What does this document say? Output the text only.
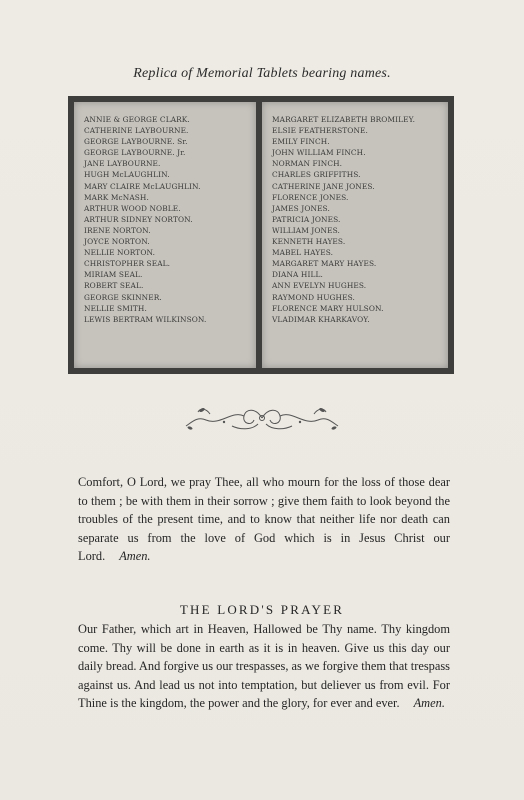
Replica of Memorial Tablets bearing names.
ANNIE & GEORGE CLARK.
CATHERINE LAYBOURNE.
GEORGE LAYBOURNE. Sr.
GEORGE LAYBOURNE. Jr.
JANE LAYBOURNE.
HUGH McLAUGHLIN.
MARY CLAIRE McLAUGHLIN.
MARK McNASH.
ARTHUR WOOD NOBLE.
ARTHUR SIDNEY NORTON.
IRENE NORTON.
JOYCE NORTON.
NELLIE NORTON.
CHRISTOPHER SEAL.
MIRIAM SEAL.
ROBERT SEAL.
GEORGE SKINNER.
NELLIE SMITH.
LEWIS BERTRAM WILKINSON.
MARGARET ELIZABETH BROMILEY.
ELSIE FEATHERSTONE.
EMILY FINCH.
JOHN WILLIAM FINCH.
NORMAN FINCH.
CHARLES GRIFFITHS.
CATHERINE JANE JONES.
FLORENCE JONES.
JAMES JONES.
PATRICIA JONES.
WILLIAM JONES.
KENNETH HAYES.
MABEL HAYES.
MARGARET MARY HAYES.
DIANA HILL.
ANN EVELYN HUGHES.
RAYMOND HUGHES.
FLORENCE MARY HULSON.
VLADIMAR KHARKAVOY.
Comfort, O Lord, we pray Thee, all who mourn for the loss of those dear to them ; be with them in their sorrow ; give them faith to look beyond the troubles of the present time, and to know that neither life nor death can separate us from the love of God which is in Jesus Christ our Lord. Amen.
THE LORD'S PRAYER
Our Father, which art in Heaven, Hallowed be Thy name. Thy kingdom come. Thy will be done in earth as it is in heaven. Give us this day our daily bread. And forgive us our trespasses, as we forgive them that trespass against us. And lead us not into temptation, but deliever us from evil. For Thine is the kingdom, the power and the glory, for ever and ever. Amen.
